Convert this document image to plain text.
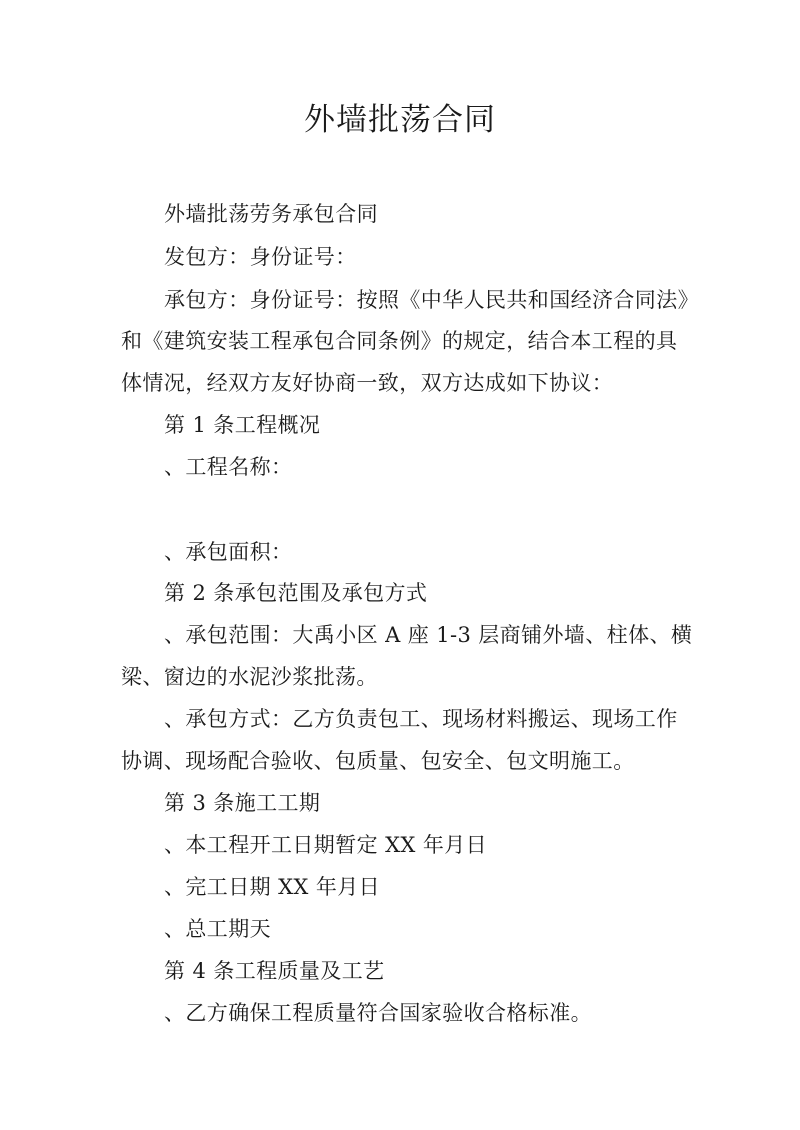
外墙批荡合同
外墙批荡劳务承包合同
发包方：身份证号：
承包方：身份证号：按照《中华人民共和国经济合同法》
和《建筑安装工程承包合同条例》的规定，结合本工程的具
体情况，经双方友好协商一致，双方达成如下协议：
第 1 条工程概况
、工程名称：
、承包面积：
第 2 条承包范围及承包方式
、承包范围：大禹小区 A 座 1-3 层商铺外墙、柱体、横
梁、窗边的水泥沙浆批荡。
、承包方式：乙方负责包工、现场材料搬运、现场工作
协调、现场配合验收、包质量、包安全、包文明施工。
第 3 条施工工期
、本工程开工日期暂定 XX 年月日
、完工日期 XX 年月日
、总工期天
第 4 条工程质量及工艺
、乙方确保工程质量符合国家验收合格标准。
